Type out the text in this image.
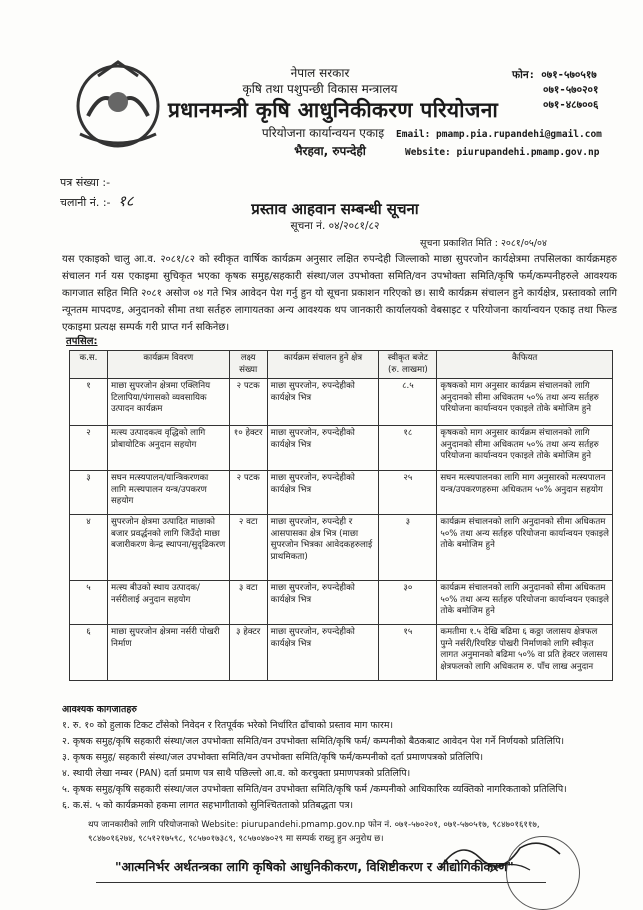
नेपाल सरकार
कृषि तथा पशुपन्छी विकास मन्त्रालय
प्रधानमन्त्री कृषि आधुनिकीकरण परियोजना
परियोजना कार्यान्वयन एकाइ
भैरहवा, रुपन्देही
फोन: ०७१-५७०५१७
०७१-५७०२०१
०७१-४८७००६
Email: pmamp.pia.rupandehi@gmail.com
Website: piurupandehi.pmamp.gov.np
पत्र संख्या :-
चलानी नं. :- १८	प्रस्ताव आहवान सम्बन्धी सूचना
सूचना नं. ०४/२०८१/८२
सूचना प्रकाशित मिति : २०८१/०५/०४
यस एकाइको चालु आ.व. २०८१/८२ को स्वीकृत वार्षिक कार्यक्रम अनुसार लक्षित रुपन्देही जिल्लाको माछा सुपरजोन कार्यक्षेत्रमा तपसिलका कार्यक्रमहरु संचालन गर्न यस एकाइमा सुचिकृत भएका कृषक समुह/सहकारी संस्था/जल उपभोक्ता समिति/वन उपभोक्ता समिति/कृषि फर्म/कम्पनीहरुले आवश्यक कागजात सहित मिति २०८१ असोज ०४ गते भित्र आवेदन पेश गर्नु हुन यो सूचना प्रकाशन गरिएको छ। साथै कार्यक्रम संचालन हुने कार्यक्षेत्र, प्रस्तावको लागि न्यूनतम मापदण्ड, अनुदानको सीमा तथा सर्तहरु लागायतका अन्य आवश्यक थप जानकारी कार्यालयको वेबसाइट र परियोजना कार्यान्वयन एकाइ तथा फिल्ड एकाइमा प्रत्यक्ष सम्पर्क गरी प्राप्त गर्न सकिनेछ।
तपसिल:
क.स.	कार्यक्रम विवरण	लक्ष्य संख्या	कार्यक्रम संचालन हुने क्षेत्र	स्वीकृत बजेट (रु. लाखमा)	कैफियत
१	माछा सुपरजोन क्षेत्रमा एक्लिनिय टिलापिया/पंगासको व्यवसायिक उत्पादन कार्यक्रम	२ पटक	माछा सुपरजोन, रुपन्देहीको कार्यक्षेत्र भित्र	८.५	कृषकको माग अनुसार कार्यक्रम संचालनको लागि अनुदानको सीमा अधिकतम ५०% तथा अन्य सर्तहरु परियोजना कार्यान्वयन एकाइले तोके बमोजिम हुने
२	मत्स्य उत्पादकत्व वृद्धिको लागि प्रोबायोटिक अनुदान सहयोग	१० हेक्टर	माछा सुपरजोन, रुपन्देहीको कार्यक्षेत्र भित्र	१८	कृषकको माग अनुसार कार्यक्रम संचालनको लागि अनुदानको सीमा अधिकतम ५०% तथा अन्य सर्तहरु परियोजना कार्यान्वयन एकाइले तोके बमोजिम हुने
३	सघन मत्स्यपालन/यान्त्रिकरणका लागि मत्स्यपालन यन्त्र/उपकरण सहयोग	२ पटक	माछा सुपरजोन, रुपन्देहीको कार्यक्षेत्र भित्र	२५	सघन मत्स्यपालनका लागि माग अनुसारको मत्स्यपालन यन्त्र/उपकरणहरुमा अधिकतम ५०% अनुदान सहयोग
४	सुपरजोन क्षेत्रमा उत्पादित माछाको बजार प्रवर्द्धनको लागि जिउँदो माछा बजारीकरण केन्द्र स्थापना/सुदृढिकरण	२ वटा	माछा सुपरजोन, रुपन्देही र आसपासका क्षेत्र भित्र (माछा सुपरजोन भित्रका आवेदकहरुलाई प्राथमिकता)	३	कार्यक्रम संचालनको लागि अनुदानको सीमा अधिकतम ५०% तथा अन्य सर्तहरु परियोजना कार्यान्वयन एकाइले तोके बमोजिम हुने
५	मत्स्य बीउको स्थाय उत्पादक/नर्सरीलाई अनुदान सहयोग	३ वटा	माछा सुपरजोन, रुपन्देहीको कार्यक्षेत्र भित्र	३०	कार्यक्रम संचालनको लागि अनुदानको सीमा अधिकतम ५०% तथा अन्य सर्तहरु परियोजना कार्यान्वयन एकाइले तोके बमोजिम हुने
६	माछा सुपरजोन क्षेत्रमा नर्सरी पोखरी निर्माण	३ हेक्टर	माछा सुपरजोन, रुपन्देहीको कार्यक्षेत्र भित्र	१५	कमतीमा १.५ देखि बढिमा ६ कठ्ठा जलासय क्षेत्रफल पुग्ने नर्सरी/रियरिङ पोखरी निर्माणको लागि स्वीकृत लागत अनुमानको बढिमा ५०% वा प्रति हेक्टर जलासय क्षेत्रफलको लागि अधिकतम रु. पाँच लाख अनुदान
आवश्यक कागजातहरु
१. रु. १० को हुलाक टिकट टाँसेको निवेदन र रितपूर्वक भरेको निर्धारित ढाँचाको प्रस्ताव माग फारम।
२. कृषक समुह/कृषि सहकारी संस्था/जल उपभोक्ता समिति/वन उपभोक्ता समिति/कृषि फर्म/ कम्पनीको बैठकबाट आवेदन पेश गर्ने निर्णयको प्रतिलिपि।
३. कृषक समुह/ सहकारी संस्था/जल उपभोक्ता समिति/वन उपभोक्ता समिति/कृषि फर्म/कम्पनीको दर्ता प्रमाणपत्रको प्रतिलिपि।
४. स्थायी लेखा नम्बर (PAN) दर्ता प्रमाण पत्र साथै पछिल्लो आ.व. को करचुक्ता प्रमाणपत्रको प्रतिलिपि।
५. कृषक समुह/कृषि सहकारी संस्था/जल उपभोक्ता समिति/वन उपभोक्ता समिति/कृषि फर्म /कम्पनीको आधिकारिक व्यक्तिको नागरिकताको प्रतिलिपि।
६. क.सं. ५ को कार्यक्रमको हकमा लागत सहभागीताको सुनिश्चितताको प्रतिबद्धता पत्र।
थप जानकारीको लागि परियोजनाको Website: piurupandehi.pmamp.gov.np फोन नं. ०७१-५७०२०१, ०७१-५७०५१७, ९८४७०१६११७,
९८४७०१६२७४, ९८५१२१७५९८, ९८५७०१७३८९, ९८५७०४७०२९ मा सम्पर्क राख्नु हुन अनुरोध छ।
"आत्मनिर्भर अर्थतन्त्रका लागि कृषिको आधुनिकीकरण, विशिष्टीकरण र औद्योगिकीकरण"
